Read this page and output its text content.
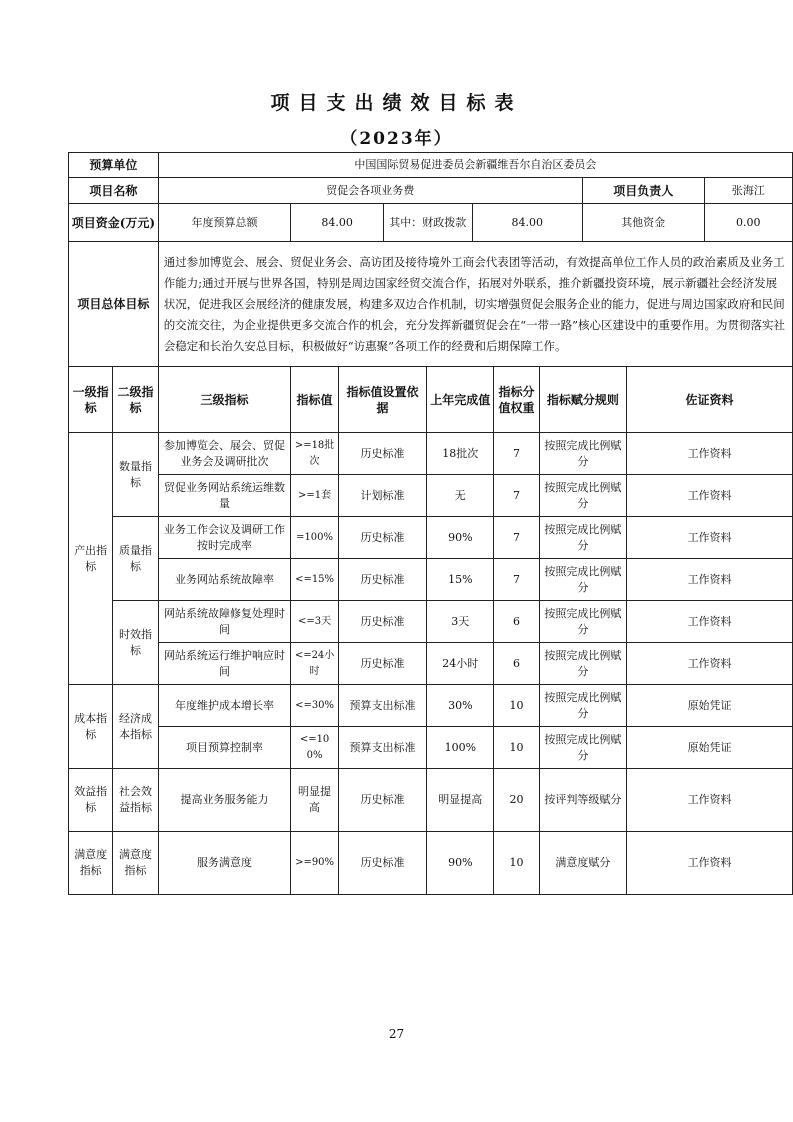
项目支出绩效目标表
（2023年）
预算单位		中国国际贸易促进委员会新疆维吾尔自治区委员会										
项目名称		贸促会各项业务费								项目负责人		张海江
项目资金(万元)		年度预算总额	84.00		其中：财政拨款		84.00			其他资金		0.00
项目总体目标		通过参加博览会、展会、贸促业务会、高访团及接待境外工商会代表团等活动，有效提高单位工作人员的政治素质及业务工作能力;通过开展与世界各国，特别是周边国家经贸交流合作，拓展对外联系，推介新疆投资环境，展示新疆社会经济发展状况，促进我区会展经济的健康发展，构建多双边合作机制，切实增强贸促会服务企业的能力，促进与周边国家政府和民间的交流交往，为企业提供更多交流合作的机会，充分发挥新疆贸促会在“一带一路”核心区建设中的重要作用。为贯彻落实社会稳定和长治久安总目标，积极做好“访惠聚”各项工作的经费和后期保障工作。										
一级指标	二级指标	三级指标	指标值	指标值设置依据		上年完成值		指标分值权重	指标赋分规则		佐证资料	
产出指标	数量指标	参加博览会、展会、贸促业务会及调研批次	>=18批次	历史标准		18批次		7	按照完成比例赋分		工作资料	
		贸促业务网站系统运维数量	>=1套	计划标准		无		7	按照完成比例赋分		工作资料	
	质量指标	业务工作会议及调研工作按时完成率	=100%	历史标准		90%		7	按照完成比例赋分		工作资料	
		业务网站系统故障率	<=15%	历史标准		15%		7	按照完成比例赋分		工作资料	
	时效指标	网站系统故障修复处理时间	<=3天	历史标准		3天		6	按照完成比例赋分		工作资料	
		网站系统运行维护响应时间	<=24小时	历史标准		24小时		6	按照完成比例赋分		工作资料	
成本指标	经济成本指标	年度维护成本增长率	<=30%	预算支出标准		30%		10	按照完成比例赋分		原始凭证	
		项目预算控制率	<=100%	预算支出标准		100%		10	按照完成比例赋分		原始凭证	
效益指标	社会效益指标	提高业务服务能力	明显提高	历史标准		明显提高		20	按评判等级赋分		工作资料	
满意度指标	满意度指标	服务满意度	>=90%	历史标准		90%		10	满意度赋分		工作资料	
27
